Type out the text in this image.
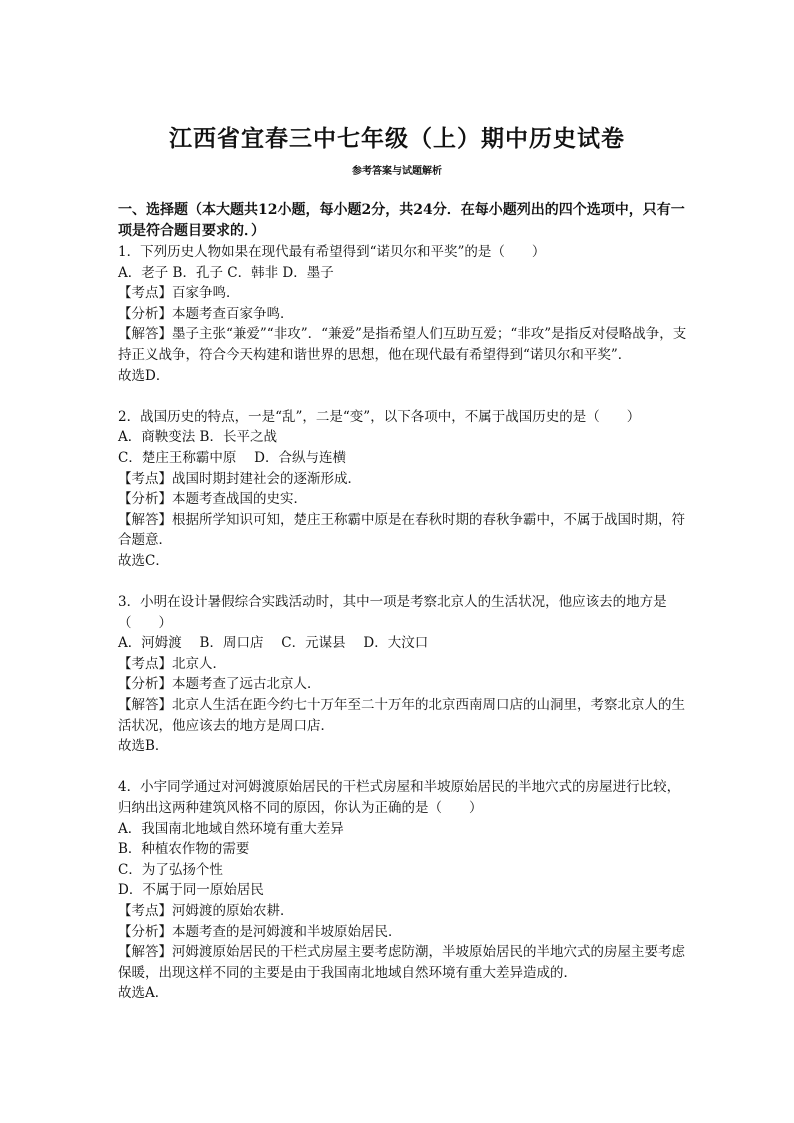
江西省宜春三中七年级（上）期中历史试卷
参考答案与试题解析
一、选择题（本大题共12小题，每小题2分，共24分．在每小题列出的四个选项中，只有一项是符合题目要求的．）
1．下列历史人物如果在现代最有希望得到“诺贝尔和平奖”的是（　　）
A．老子 B．孔子 C．韩非 D．墨子
【考点】百家争鸣．
【分析】本题考查百家争鸣．
【解答】墨子主张“兼爱”“非攻”．“兼爱”是指希望人们互助互爱；“非攻”是指反对侵略战争，支持正义战争，符合今天构建和谐世界的思想，他在现代最有希望得到“诺贝尔和平奖”．
故选D．
2．战国历史的特点，一是“乱”，二是“变”，以下各项中，不属于战国历史的是（　　）
A．商鞅变法 B．长平之战
C．楚庄王称霸中原　 D．合纵与连横
【考点】战国时期封建社会的逐渐形成．
【分析】本题考查战国的史实．
【解答】根据所学知识可知，楚庄王称霸中原是在春秋时期的春秋争霸中，不属于战国时期，符合题意．
故选C．
3．小明在设计暑假综合实践活动时，其中一项是考察北京人的生活状况，他应该去的地方是（　　）
A．河姆渡　 B．周口店　 C．元谋县　 D．大汶口
【考点】北京人．
【分析】本题考查了远古北京人．
【解答】北京人生活在距今约七十万年至二十万年的北京西南周口店的山洞里，考察北京人的生活状况，他应该去的地方是周口店．
故选B．
4．小宇同学通过对河姆渡原始居民的干栏式房屋和半坡原始居民的半地穴式的房屋进行比较，归纳出这两种建筑风格不同的原因，你认为正确的是（　　）
A．我国南北地域自然环境有重大差异
B．种植农作物的需要
C．为了弘扬个性
D．不属于同一原始居民
【考点】河姆渡的原始农耕．
【分析】本题考查的是河姆渡和半坡原始居民．
【解答】河姆渡原始居民的干栏式房屋主要考虑防潮，半坡原始居民的半地穴式的房屋主要考虑保暖，出现这样不同的主要是由于我国南北地域自然环境有重大差异造成的．
故选A．
